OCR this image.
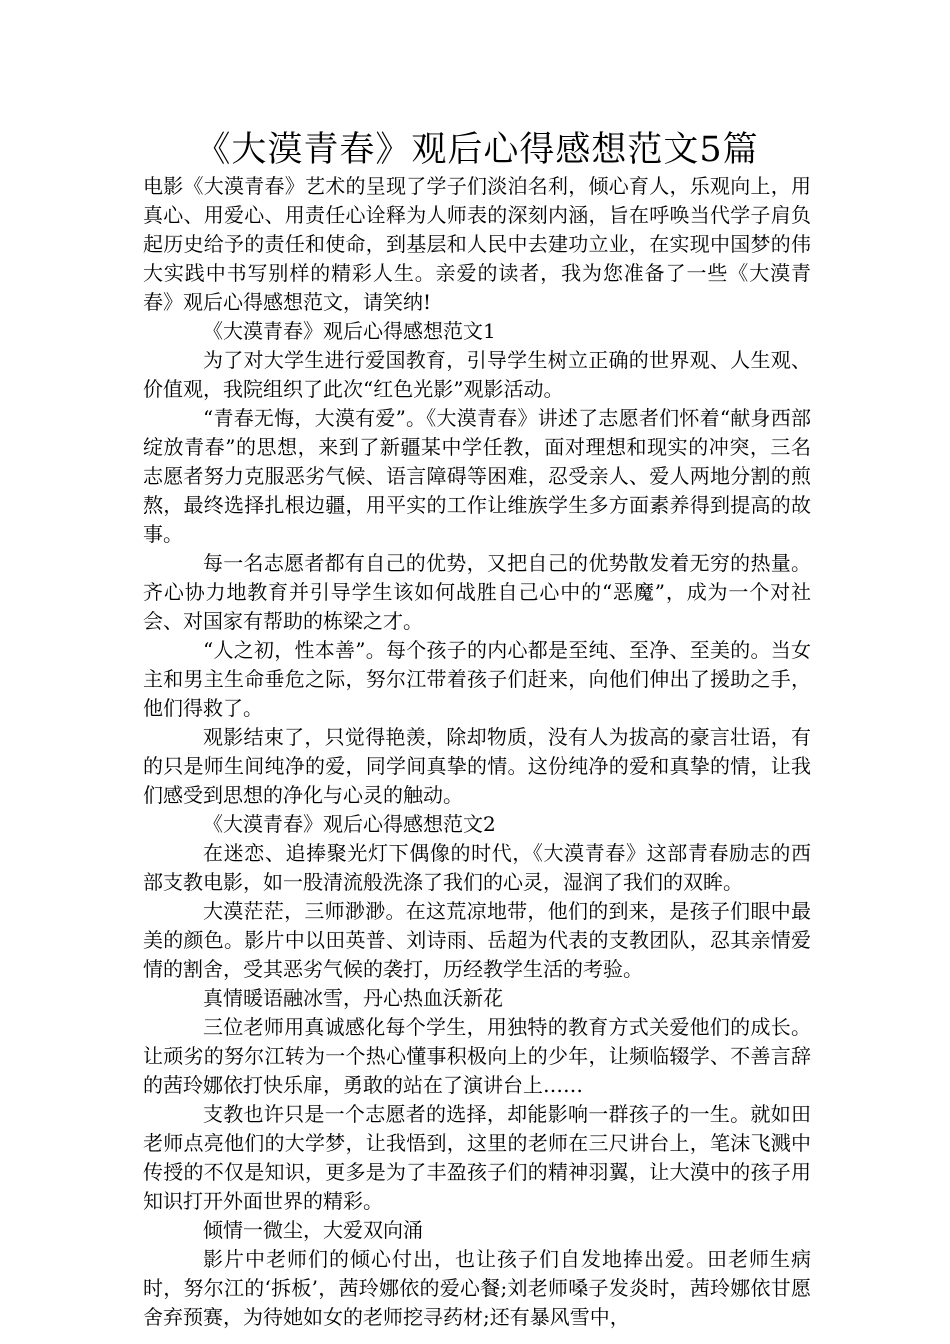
《大漠青春》观后心得感想范文5篇

电影《大漠青春》艺术的呈现了学子们淡泊名利，倾心育人，乐观向上，用真心、用爱心、用责任心诠释为人师表的深刻内涵，旨在呼唤当代学子肩负起历史给予的责任和使命，到基层和人民中去建功立业，在实现中国梦的伟大实践中书写别样的精彩人生。亲爱的读者，我为您准备了一些《大漠青春》观后心得感想范文，请笑纳!

《大漠青春》观后心得感想范文1

为了对大学生进行爱国教育，引导学生树立正确的世界观、人生观、价值观，我院组织了此次“红色光影”观影活动。

“青春无悔，大漠有爱”。《大漠青春》讲述了志愿者们怀着“献身西部绽放青春”的思想，来到了新疆某中学任教，面对理想和现实的冲突，三名志愿者努力克服恶劣气候、语言障碍等困难，忍受亲人、爱人两地分割的煎熬，最终选择扎根边疆，用平实的工作让维族学生多方面素养得到提高的故事。

每一名志愿者都有自己的优势，又把自己的优势散发着无穷的热量。齐心协力地教育并引导学生该如何战胜自己心中的“恶魔”，成为一个对社会、对国家有帮助的栋梁之才。

“人之初，性本善”。每个孩子的内心都是至纯、至净、至美的。当女主和男主生命垂危之际，努尔江带着孩子们赶来，向他们伸出了援助之手，他们得救了。

观影结束了，只觉得艳羡，除却物质，没有人为拔高的豪言壮语，有的只是师生间纯净的爱，同学间真挚的情。这份纯净的爱和真挚的情，让我们感受到思想的净化与心灵的触动。

《大漠青春》观后心得感想范文2

在迷恋、追捧聚光灯下偶像的时代，《大漠青春》这部青春励志的西部支教电影，如一股清流般洗涤了我们的心灵，湿润了我们的双眸。

大漠茫茫，三师渺渺。在这荒凉地带，他们的到来，是孩子们眼中最美的颜色。影片中以田英普、刘诗雨、岳超为代表的支教团队，忍其亲情爱情的割舍，受其恶劣气候的袭打，历经教学生活的考验。

真情暖语融冰雪，丹心热血沃新花

三位老师用真诚感化每个学生，用独特的教育方式关爱他们的成长。让顽劣的努尔江转为一个热心懂事积极向上的少年，让频临辍学、不善言辞的茜玲娜依打快乐扉，勇敢的站在了演讲台上……

支教也许只是一个志愿者的选择，却能影响一群孩子的一生。就如田老师点亮他们的大学梦，让我悟到，这里的老师在三尺讲台上，笔沫飞溅中传授的不仅是知识，更多是为了丰盈孩子们的精神羽翼，让大漠中的孩子用知识打开外面世界的精彩。

倾情一微尘，大爱双向涌

影片中老师们的倾心付出，也让孩子们自发地捧出爱。田老师生病时，努尔江的‘拆板’，茜玲娜依的爱心餐;刘老师嗓子发炎时，茜玲娜依甘愿舍弃预赛，为待她如女的老师挖寻药材;还有暴风雪中，
